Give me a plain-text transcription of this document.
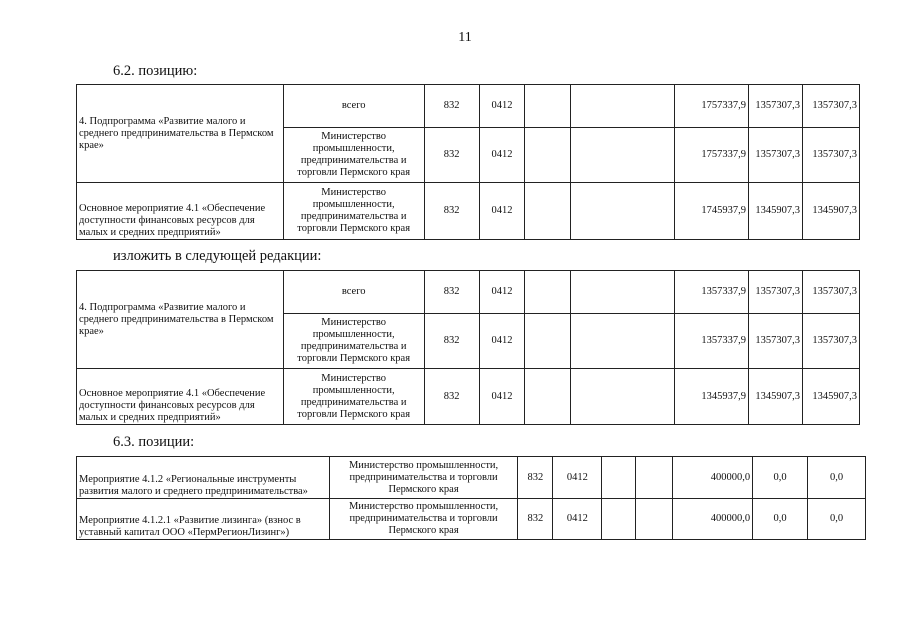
11
6.2. позицию:
4. Подпрограмма «Развитие малого и среднего предпринимательства в Пермском крае»	всего	832	0412			1757337,9	1357307,3	1357307,3
	Министерство промышленности, предпринимательства и торговли Пермского края	832	0412			1757337,9	1357307,3	1357307,3
Основное мероприятие 4.1 «Обеспечение доступности финансовых ресурсов для малых и средних предприятий»	Министерство промышленности, предпринимательства и торговли Пермского края	832	0412			1745937,9	1345907,3	1345907,3
изложить в следующей редакции:
4. Подпрограмма «Развитие малого и среднего предпринимательства в Пермском крае»	всего	832	0412			1357337,9	1357307,3	1357307,3
	Министерство промышленности, предпринимательства и торговли Пермского края	832	0412			1357337,9	1357307,3	1357307,3
Основное мероприятие 4.1 «Обеспечение доступности финансовых ресурсов для малых и средних предприятий»	Министерство промышленности, предпринимательства и торговли Пермского края	832	0412			1345937,9	1345907,3	1345907,3
6.3. позиции:
Мероприятие 4.1.2 «Региональные инструменты развития малого и среднего предпринимательства»	Министерство промышленности, предпринимательства и торговли Пермского края	832	0412			400000,0	0,0	0,0
Мероприятие 4.1.2.1 «Развитие лизинга» (взнос в уставный капитал ООО «ПермРегионЛизинг»)	Министерство промышленности, предпринимательства и торговли Пермского края	832	0412			400000,0	0,0	0,0
